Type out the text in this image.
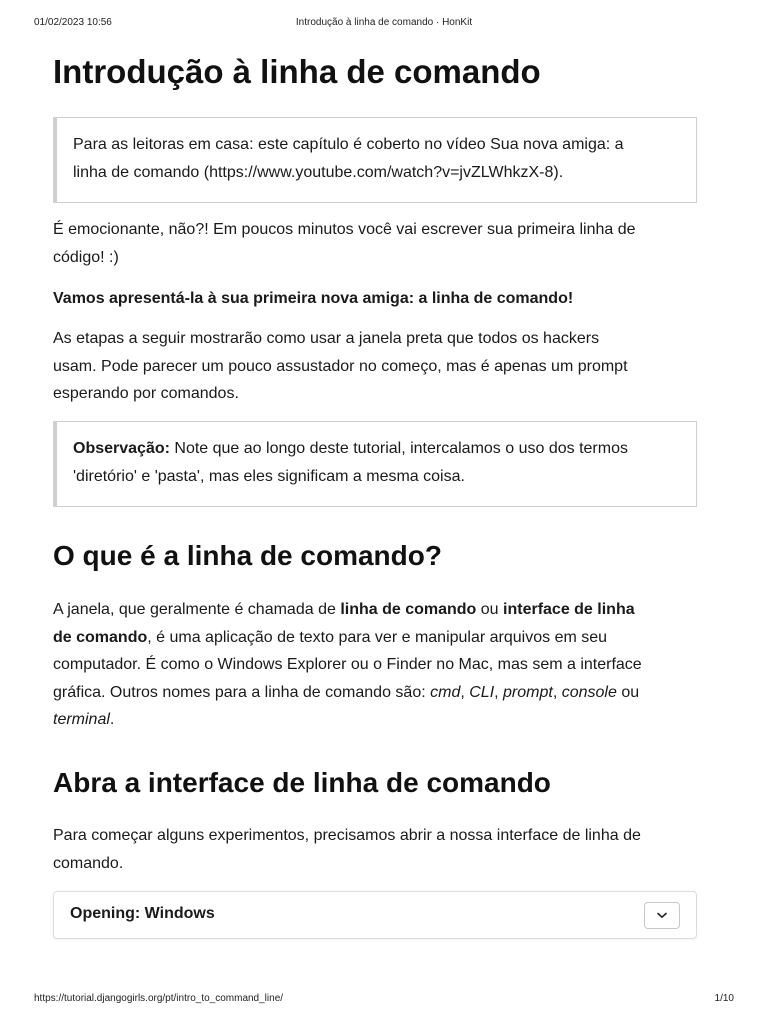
01/02/2023 10:56	Introdução à linha de comando · HonKit
Introdução à linha de comando
Para as leitoras em casa: este capítulo é coberto no vídeo Sua nova amiga: a
linha de comando (https://www.youtube.com/watch?v=jvZLWhkzX-8).

É emocionante, não?! Em poucos minutos você vai escrever sua primeira linha de
código! :)

Vamos apresentá-la à sua primeira nova amiga: a linha de comando!

As etapas a seguir mostrarão como usar a janela preta que todos os hackers
usam. Pode parecer um pouco assustador no começo, mas é apenas um prompt
esperando por comandos.

Observação: Note que ao longo deste tutorial, intercalamos o uso dos termos
'diretório' e 'pasta', mas eles significam a mesma coisa.
O que é a linha de comando?

A janela, que geralmente é chamada de linha de comando ou interface de linha
de comando, é uma aplicação de texto para ver e manipular arquivos em seu
computador. É como o Windows Explorer ou o Finder no Mac, mas sem a interface
gráfica. Outros nomes para a linha de comando são: cmd, CLI, prompt, console ou
terminal.

Abra a interface de linha de comando

Para começar alguns experimentos, precisamos abrir a nossa interface de linha de
comando.

Opening: Windows
https://tutorial.djangogirls.org/pt/intro_to_command_line/	1/10
